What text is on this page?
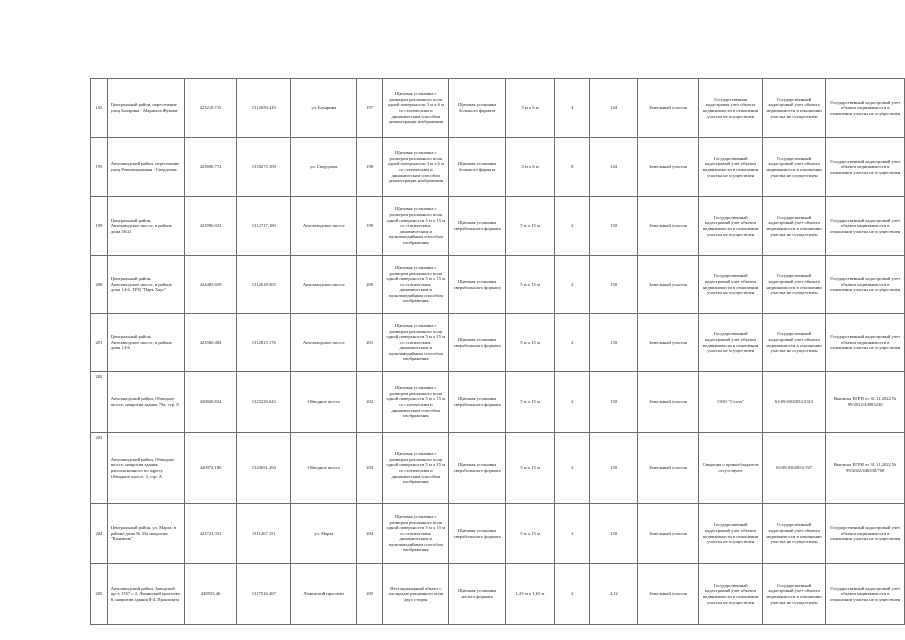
192	Центральный район, пересечение улиц Бахарина - Маршала Жукова	423219.715	1312059.410	ул. Бахарина	197	Щитовая установка с размером рекламного поля одной поверхности 3 м x 6 м со статическим и динамическим способом демонстрации изображения	Щитовая установка большого формата	3 м x 6 м	4	144	Земельный участок	Государственная кадастровая учет объекта недвижимости в отношении участка не осуществлен	Государственный кадастровый учет объекта недвижимости в отношении участка не осуществлен	Государственный кадастровый учет объекта недвижимости в отношении участка не осуществлен
193	Автозаводский район, пересечение улиц Революционная - Свердлова	425690.772	1318275.109	ул. Свердлова	198	Щитовая установка с размером рекламного поля одной поверхности 3 м x 6 м со статическим и динамическим способом демонстрации изображения	Щитовая установка большого формата	3 м x 6 м	8	144	Земельный участок	Государственный кадастровый учет объекта недвижимости в отношении участка не осуществлен	Государственный кадастровый учет объекта недвижимости в отношении участка не осуществлен	Государственный кадастровый учет объекта недвижимости в отношении участка не осуществлен
199	Центральный район, Автозаводское шоссе, в районе дома 56/21	423996.023	1312717.180	Автозаводское шоссе	199	Щитовая установка с размером рекламного поля одной поверхности 5 м x 15 м со статическим, динамическим и мультимедийным способом изображения	Щитовая установка сверхбольшого формата	5 м x 15 м	2	150	Земельный участок	Государственный кадастровый учет объекта недвижимости в отношении участка не осуществлен	Государственный кадастровый учет объекта недвижимости в отношении участка не осуществлен	Государственный кадастровый учет объекта недвижимости в отношении участка не осуществлен
200	Центральный район, Автозаводское шоссе, в районе дома 14-6, ТРЦ "Парк Хаус"	424485.659	1312618.505	Автозаводское шоссе	200	Щитовая установка с размером рекламного поля одной поверхности 5 м x 15 м со статическим, динамическим и мультимедийным способом изображения	Щитовая установка сверхбольшого формата	5 м x 15 м	2	150	Земельный участок	Государственный кадастровый учет объекта недвижимости в отношении участка не осуществлен	Государственный кадастровый учет объекта недвижимости в отношении участка не осуществлен	Государственный кадастровый учет объекта недвижимости в отношении участка не осуществлен
201	Центральный район, Автозаводское шоссе, в районе дома 14-6	423560.484	1312815.176	Автозаводское шоссе	201	Щитовая установка с размером рекламного поля одной поверхности 5 м x 15 м со статическим, динамическим и мультимедийным способом изображения	Щитовая установка сверхбольшого формата	5 м x 15 м	2	150	Земельный участок	Государственный кадастровый учет объекта недвижимости в отношении участка не осуществлен	Государственный кадастровый учет объекта недвижимости в отношении участка не осуществлен	Государственный кадастровый учет объекта недвижимости в отношении участка не осуществлен
202	Автозаводский район, Обводное шоссе, напротив здания 70а, стр. 8	420820.834	1323229.043	Обводное шоссе	202	Щитовая установка с размером рекламного поля одной поверхности 5 м x 15 м со статическим и динамическим способом изображения	Щитовая установка сверхбольшого формата	5 м x 15 м	2	150	Земельный участок	ООО "Стэлл"	63:09:0302053:5313	Выписка ЕГРН от 31.11.2022 № 99/2022/44905230
203	Автозаводский район, Обводное шоссе, напротив здания, расположенного по адресу Обводное шоссе, 3, стр. А	420972.180	1323651.294	Обводное шоссе	203	Щитовая установка с размером рекламного поля одной поверхности 5 м x 15 м со статическим и динамическим способом изображения	Щитовая установка сверхбольшого формата	5 м x 15 м	2	150	Земельный участок	Сведения о правообладателе отсутствуют	63:09:0302053:767	Выписка ЕГРН от 31.11.2022 № 99/2022/446330/768
204	Центральный район, ул. Марза, в районе дома № 35а напротив "Кальвиль"	422741.331	1311267.151	ул. Марза	204	Щитовая установка с размером рекламного поля одной поверхности 5 м x 15 м со статическим, динамическим и мультимедийным способом изображения	Щитовая установка сверхбольшого формата	5 м x 15 м	2	150	Земельный участок	Государственный кадастровый учет объекта недвижимости в отношении участка не осуществлен	Государственный кадастровый учет объекта недвижимости в отношении участка не осуществлен	Государственный кадастровый учет объекта недвижимости в отношении участка не осуществлен
205	Автозаводский район, Заводской пр-т, 1557 с 4, Ленинский проспект, 6, напротив здания 8-4, Практикум	428553.46	1317516.467	Ленинский проспект	205	Нестационарный объект с площадью рекламного поля двух сторон	Щитовая установка малого формата	1,25 м x 1,65 м	2	4,12	Земельный участок	Государственный кадастровый учет объекта недвижимости в отношении участка не осуществлен	Государственный кадастровый учет объекта недвижимости в отношении участка не осуществлен	Государственный кадастровый учет объекта недвижимости в отношении участка не осуществлен
